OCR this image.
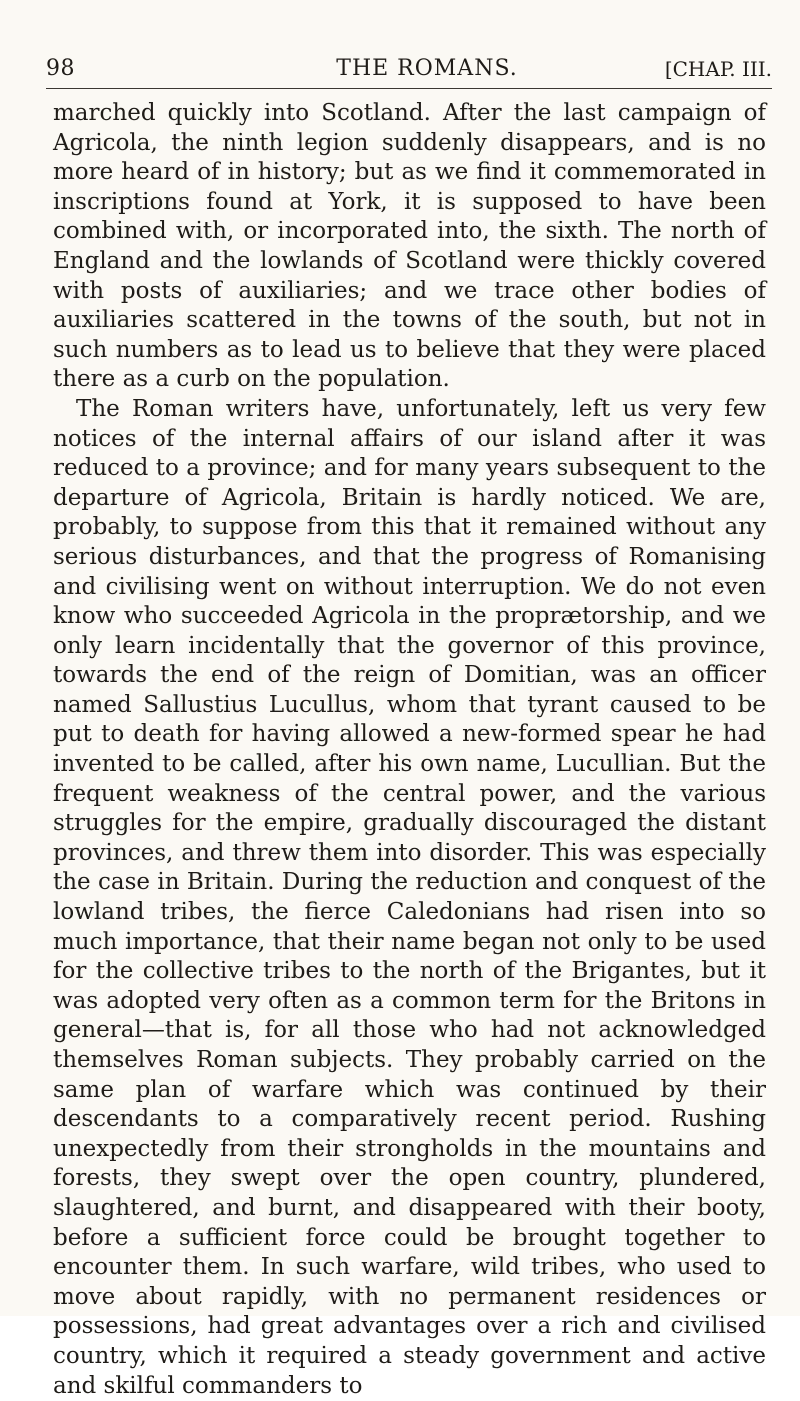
98	THE ROMANS.	[CHAP. III.

marched quickly into Scotland. After the last campaign of Agricola, the ninth legion suddenly disappears, and is no more heard of in history; but as we find it commemorated in inscriptions found at York, it is supposed to have been combined with, or incorporated into, the sixth. The north of England and the lowlands of Scotland were thickly covered with posts of auxiliaries; and we trace other bodies of auxiliaries scattered in the towns of the south, but not in such numbers as to lead us to believe that they were placed there as a curb on the population.

The Roman writers have, unfortunately, left us very few notices of the internal affairs of our island after it was reduced to a province; and for many years subsequent to the departure of Agricola, Britain is hardly noticed. We are, probably, to suppose from this that it remained without any serious disturbances, and that the progress of Romanising and civilising went on without interruption. We do not even know who succeeded Agricola in the proprætorship, and we only learn incidentally that the governor of this province, towards the end of the reign of Domitian, was an officer named Sallustius Lucullus, whom that tyrant caused to be put to death for having allowed a new-formed spear he had invented to be called, after his own name, Lucullian. But the frequent weakness of the central power, and the various struggles for the empire, gradually discouraged the distant provinces, and threw them into disorder. This was especially the case in Britain. During the reduction and conquest of the lowland tribes, the fierce Caledonians had risen into so much importance, that their name began not only to be used for the collective tribes to the north of the Brigantes, but it was adopted very often as a common term for the Britons in general—that is, for all those who had not acknowledged themselves Roman subjects. They probably carried on the same plan of warfare which was continued by their descendants to a comparatively recent period. Rushing unexpectedly from their strongholds in the mountains and forests, they swept over the open country, plundered, slaughtered, and burnt, and disappeared with their booty, before a sufficient force could be brought together to encounter them. In such warfare, wild tribes, who used to move about rapidly, with no permanent residences or possessions, had great advantages over a rich and civilised country, which it required a steady government and active and skilful commanders to
